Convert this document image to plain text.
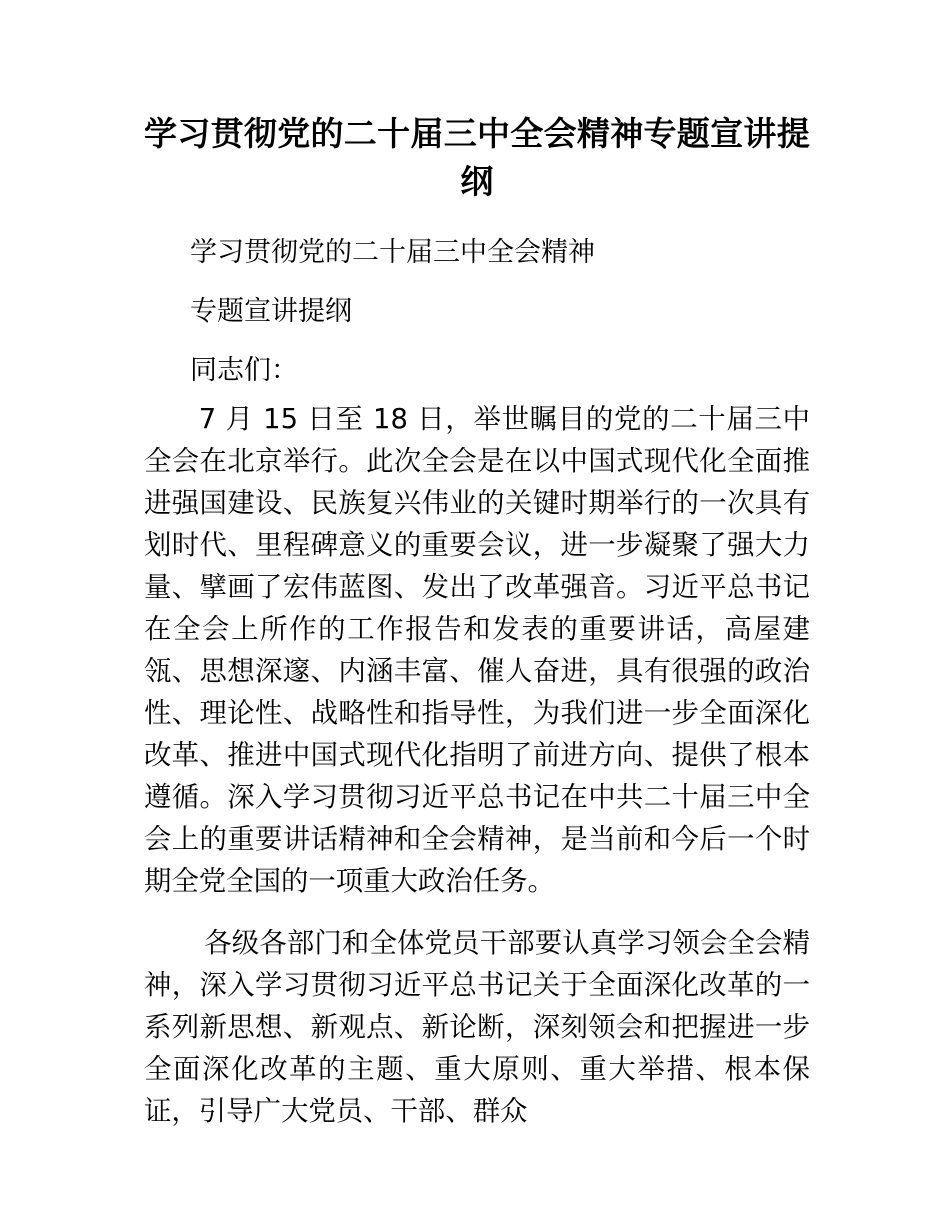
学习贯彻党的二十届三中全会精神专题宣讲提纲

学习贯彻党的二十届三中全会精神

专题宣讲提纲

同志们：

7 月 15 日至 18 日，举世瞩目的党的二十届三中全会在北京举行。此次全会是在以中国式现代化全面推进强国建设、民族复兴伟业的关键时期举行的一次具有划时代、里程碑意义的重要会议，进一步凝聚了强大力量、擘画了宏伟蓝图、发出了改革强音。习近平总书记在全会上所作的工作报告和发表的重要讲话，高屋建瓴、思想深邃、内涵丰富、催人奋进，具有很强的政治性、理论性、战略性和指导性，为我们进一步全面深化改革、推进中国式现代化指明了前进方向、提供了根本遵循。深入学习贯彻习近平总书记在中共二十届三中全会上的重要讲话精神和全会精神，是当前和今后一个时期全党全国的一项重大政治任务。

各级各部门和全体党员干部要认真学习领会全会精神，深入学习贯彻习近平总书记关于全面深化改革的一系列新思想、新观点、新论断，深刻领会和把握进一步全面深化改革的主题、重大原则、重大举措、根本保证，引导广大党员、干部、群众
